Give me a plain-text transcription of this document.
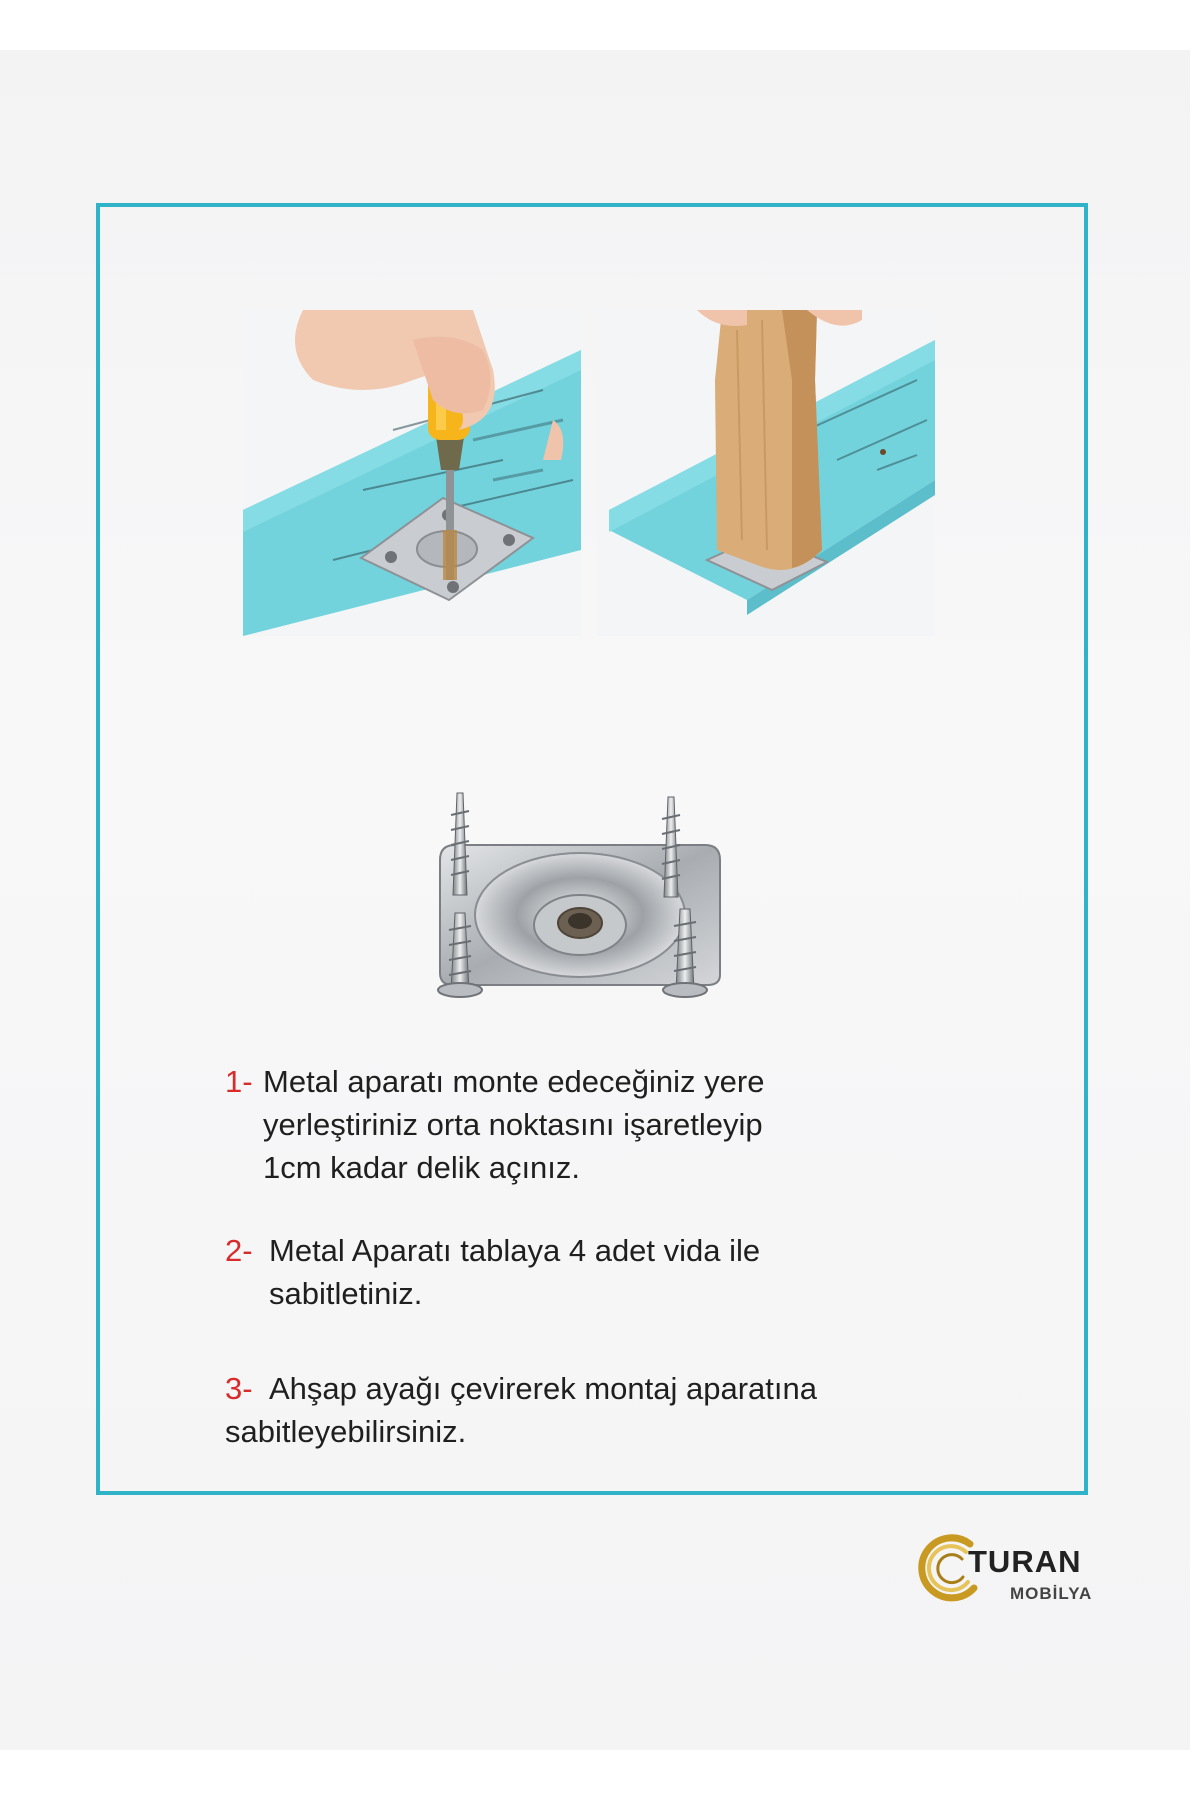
1- Metal aparatı monte edeceğiniz yere
yerleştiriniz orta noktasını işaretleyip
1cm kadar delik açınız.
2- Metal Aparatı tablaya 4 adet vida ile
sabitletiniz.
3- Ahşap ayağı çevirerek montaj aparatına
sabitleyebilirsiniz.
TURAN
MOBİLYA
